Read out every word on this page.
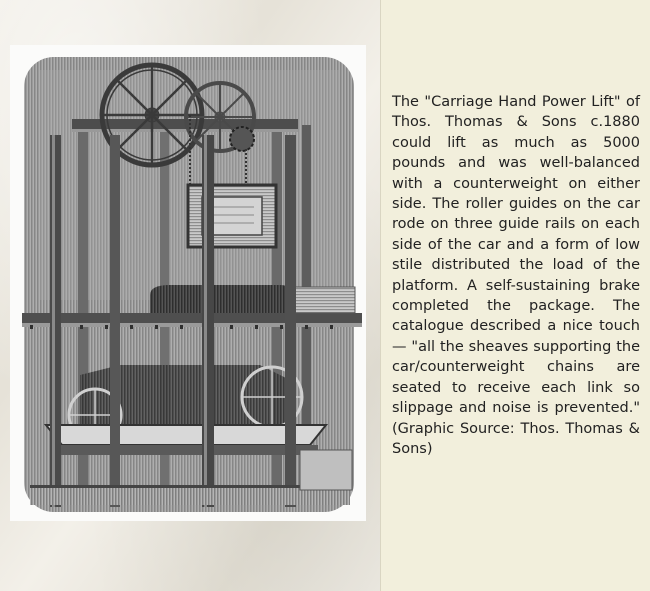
The "Carriage Hand Power Lift" of Thos. Thomas & Sons c.1880 could lift as much as 5000 pounds and was well-balanced with a counterweight on either side. The roller guides on the car rode on three guide rails on each side of the car and a form of low stile distributed the load of the platform. A self-sustaining brake completed the package. The catalogue described a nice touch — "all the sheaves supporting the car/counterweight chains are seated to receive each link so slippage and noise is prevented." (Graphic Source: Thos. Thomas & Sons)
